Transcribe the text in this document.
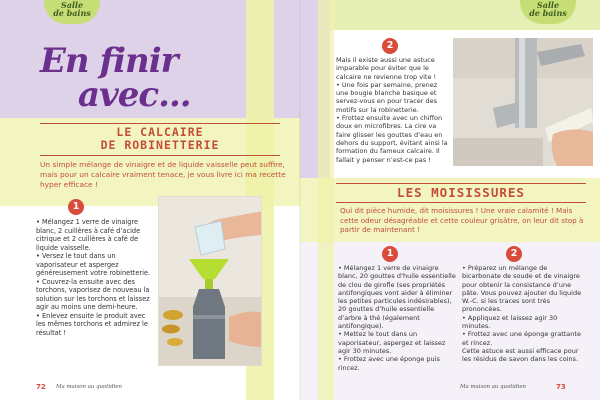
Salle
de bains
En finir
avec...
LE CALCAIRE
DE ROBINETTERIE
Un simple mélange de vinaigre et de liquide vaisselle peut suffire, mais pour un calcaire vraiment tenace, je vous livre ici ma recette hyper efficace !
1

• Mélangez 1 verre de vinaigre blanc, 2 cuillères à café d’acide citrique et 2 cuillères à café de liquide vaisselle.

• Versez le tout dans un vaporisateur et aspergez généreusement votre robinetterie.

• Couvrez-la ensuite avec des torchons, vaporisez de nouveau la solution sur les torchons et laissez agir au moins une demi-heure.

• Enlevez ensuite le produit avec les mêmes torchons et admirez le résultat !

72 Ma maison au quotidien
Salle
de bains
2

Mais il existe aussi une astuce imparable pour éviter que le calcaire ne revienne trop vite !

• Une fois par semaine, prenez une bougie blanche basique et servez-vous en pour tracer des motifs sur la robinetterie.

• Frottez ensuite avec un chiffon doux en microfibres. La cire va faire glisser les gouttes d’eau en dehors du support, évitant ainsi la formation du fameux calcaire. Il fallait y penser n’est-ce pas !

LES MOISISSURES
Qui dit pièce humide, dit moisissures ! Une vraie calamité ! Mais cette odeur désagréable et cette couleur grisâtre, on leur dit stop à partir de maintenant !
1	2

• Mélangez 1 verre de vinaigre blanc, 20 gouttes d’huile essentielle de clou de girofle (ses propriétés antifongiques vont aider à éliminer les petites particules indésirables), 20 gouttes d’huile essentielle d’arbre à thé (également antifongique).

• Mettez le tout dans un vaporisateur, aspergez et laissez agir 30 minutes.

• Frottez avec une éponge puis rincez.

• Préparez un mélange de bicarbonate de soude et de vinaigre pour obtenir la consistance d’une pâte. Vous pouvez ajouter du liquide W.-C. si les traces sont très prononcées.

• Appliquez et laissez agir 30 minutes.

• Frottez avec une éponge grattante et rincez.

Cette astuce est aussi efficace pour les résidus de savon dans les coins.

Ma maison au quotidien	73
